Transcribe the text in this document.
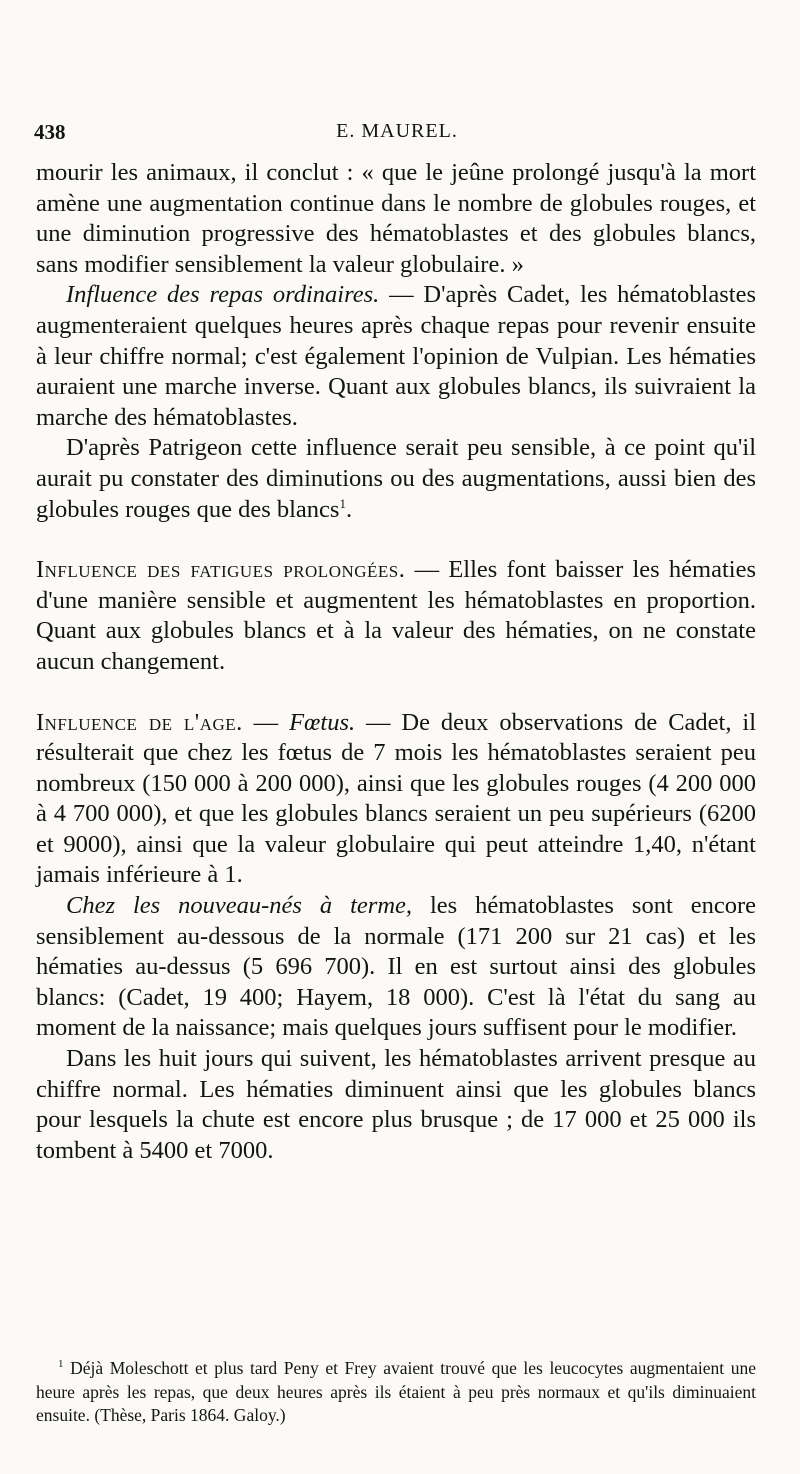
438	E. MAUREL.

mourir les animaux, il conclut : « que le jeûne prolongé jusqu'à la mort amène une augmentation continue dans le nombre de globules rouges, et une diminution progressive des hématoblastes et des globules blancs, sans modifier sensiblement la valeur globulaire. »

Influence des repas ordinaires. — D'après Cadet, les hématoblastes augmenteraient quelques heures après chaque repas pour revenir ensuite à leur chiffre normal; c'est également l'opinion de Vulpian. Les hématies auraient une marche inverse. Quant aux globules blancs, ils suivraient la marche des hématoblastes.

D'après Patrigeon cette influence serait peu sensible, à ce point qu'il aurait pu constater des diminutions ou des augmentations, aussi bien des globules rouges que des blancs$^1$.

Influence des fatigues prolongées. — Elles font baisser les hématies d'une manière sensible et augmentent les hématoblastes en proportion. Quant aux globules blancs et à la valeur des hématies, on ne constate aucun changement.

Influence de l'age. — Fœtus. — De deux observations de Cadet, il résulterait que chez les fœtus de 7 mois les hématoblastes seraient peu nombreux (150 000 à 200 000), ainsi que les globules rouges (4 200 000 à 4 700 000), et que les globules blancs seraient un peu supérieurs (6200 et 9000), ainsi que la valeur globulaire qui peut atteindre 1,40, n'étant jamais inférieure à 1.

Chez les nouveau-nés à terme, les hématoblastes sont encore sensiblement au-dessous de la normale (171 200 sur 21 cas) et les hématies au-dessus (5 696 700). Il en est surtout ainsi des globules blancs: (Cadet, 19 400; Hayem, 18 000). C'est là l'état du sang au moment de la naissance; mais quelques jours suffisent pour le modifier.

Dans les huit jours qui suivent, les hématoblastes arrivent presque au chiffre normal. Les hématies diminuent ainsi que les globules blancs pour lesquels la chute est encore plus brusque ; de 17 000 et 25 000 ils tombent à 5400 et 7000.

$^1$ Déjà Moleschott et plus tard Peny et Frey avaient trouvé que les leucocytes augmentaient une heure après les repas, que deux heures après ils étaient à peu près normaux et qu'ils diminuaient ensuite. (Thèse, Paris 1864. Galoy.)
